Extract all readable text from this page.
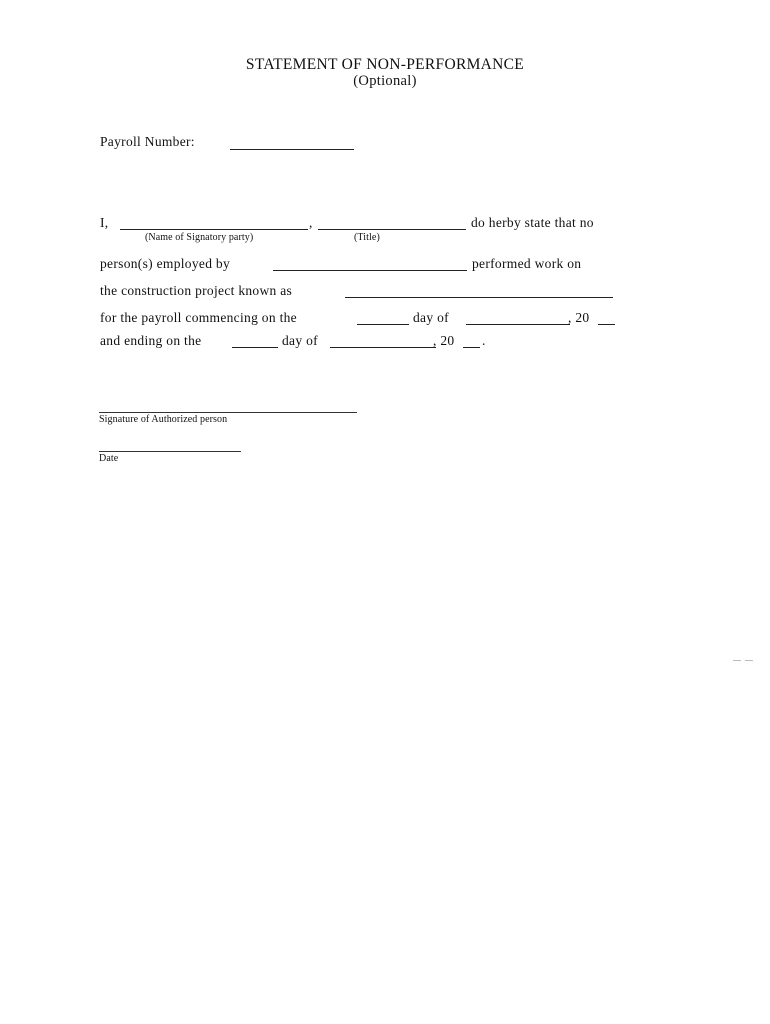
STATEMENT OF NON-PERFORMANCE
(Optional)
Payroll Number:
I,	,	do herby state that no
(Name of Signatory party)	(Title)
person(s) employed by	performed work on
the construction project known as
for the payroll commencing on the	day of	, 20
and ending on the	day of	, 20 .
Signature of Authorized person
Date
